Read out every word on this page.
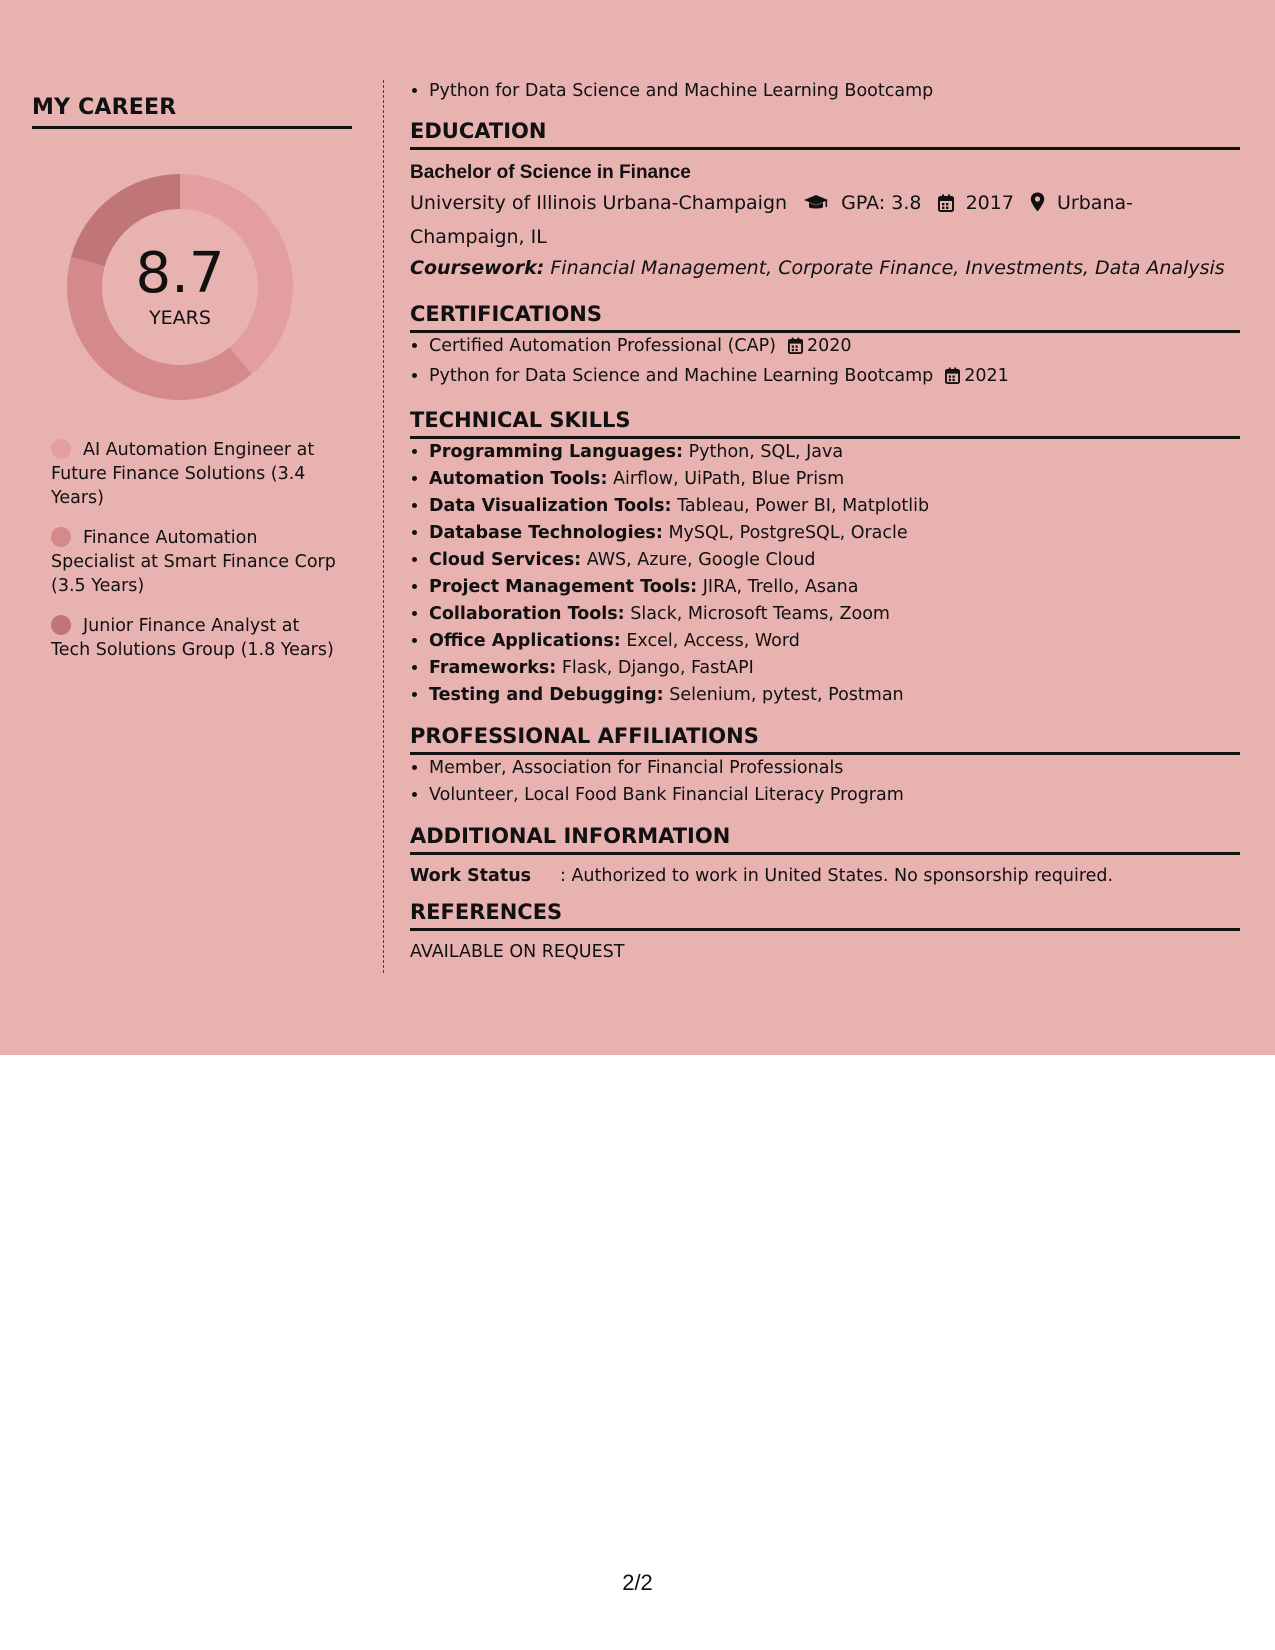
MY CAREER
8.7
YEARS
AI Automation Engineer at Future Finance Solutions (3.4 Years)
Finance Automation Specialist at Smart Finance Corp (3.5 Years)
Junior Finance Analyst at Tech Solutions Group (1.8 Years)
• Python for Data Science and Machine Learning Bootcamp
EDUCATION
Bachelor of Science in Finance
University of Illinois Urbana-Champaign	GPA: 3.8 2017 Urbana-Champaign, IL
Coursework: Financial Management, Corporate Finance, Investments, Data Analysis
CERTIFICATIONS
• Certified Automation Professional (CAP) 2020
• Python for Data Science and Machine Learning Bootcamp 2021
TECHNICAL SKILLS
• Programming Languages: Python, SQL, Java
• Automation Tools: Airflow, UiPath, Blue Prism
• Data Visualization Tools: Tableau, Power BI, Matplotlib
• Database Technologies: MySQL, PostgreSQL, Oracle
• Cloud Services: AWS, Azure, Google Cloud
• Project Management Tools: JIRA, Trello, Asana
• Collaboration Tools: Slack, Microsoft Teams, Zoom
• Office Applications: Excel, Access, Word
• Frameworks: Flask, Django, FastAPI
• Testing and Debugging: Selenium, pytest, Postman
PROFESSIONAL AFFILIATIONS
• Member, Association for Financial Professionals
• Volunteer, Local Food Bank Financial Literacy Program
ADDITIONAL INFORMATION
Work Status : Authorized to work in United States. No sponsorship required.
REFERENCES
AVAILABLE ON REQUEST
2/2
